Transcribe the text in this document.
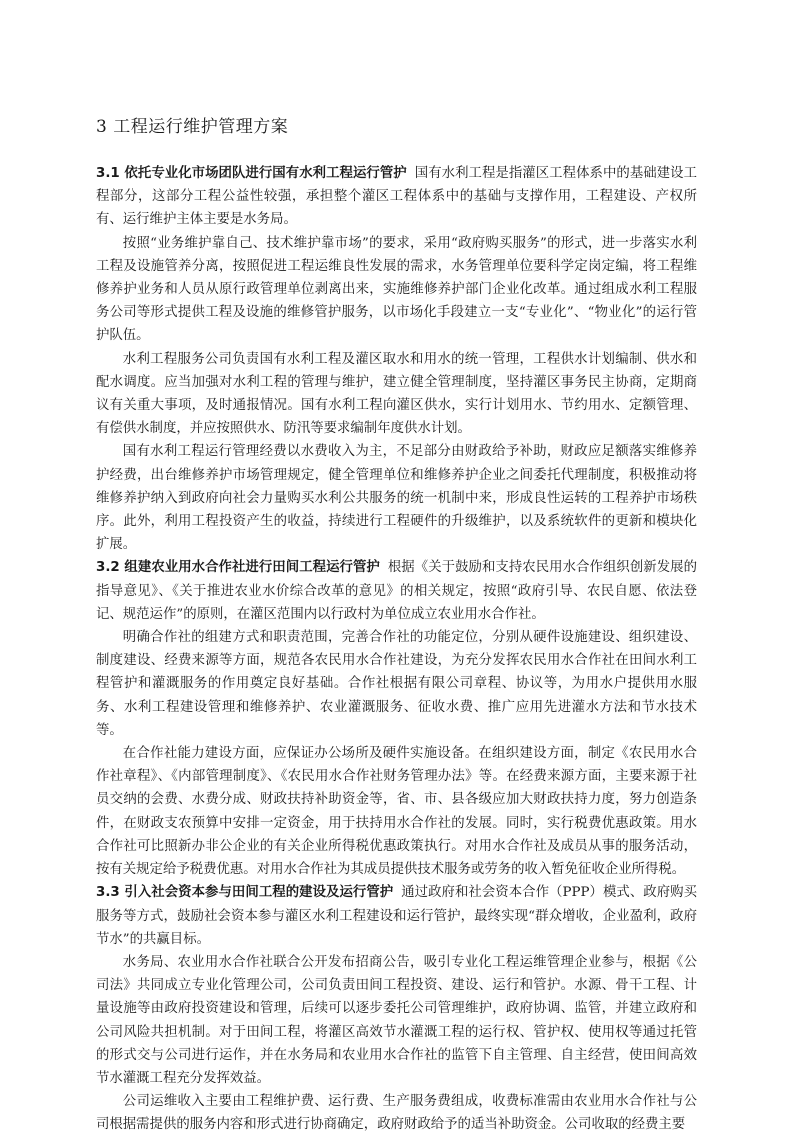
3 工程运行维护管理方案

3.1 依托专业化市场团队进行国有水利工程运行管护 国有水利工程是指灌区工程体系中的基础建设工程部分，这部分工程公益性较强，承担整个灌区工程体系中的基础与支撑作用，工程建设、产权所有、运行维护主体主要是水务局。

按照“业务维护靠自己、技术维护靠市场”的要求，采用“政府购买服务”的形式，进一步落实水利工程及设施管养分离，按照促进工程运维良性发展的需求，水务管理单位要科学定岗定编，将工程维修养护业务和人员从原行政管理单位剥离出来，实施维修养护部门企业化改革。通过组成水利工程服务公司等形式提供工程及设施的维修管护服务，以市场化手段建立一支“专业化”、“物业化”的运行管护队伍。

水利工程服务公司负责国有水利工程及灌区取水和用水的统一管理，工程供水计划编制、供水和配水调度。应当加强对水利工程的管理与维护，建立健全管理制度，坚持灌区事务民主协商，定期商议有关重大事项，及时通报情况。国有水利工程向灌区供水，实行计划用水、节约用水、定额管理、有偿供水制度，并应按照供水、防汛等要求编制年度供水计划。

国有水利工程运行管理经费以水费收入为主，不足部分由财政给予补助，财政应足额落实维修养护经费，出台维修养护市场管理规定，健全管理单位和维修养护企业之间委托代理制度，积极推动将维修养护纳入到政府向社会力量购买水利公共服务的统一机制中来，形成良性运转的工程养护市场秩序。此外，利用工程投资产生的收益，持续进行工程硬件的升级维护，以及系统软件的更新和模块化扩展。

3.2 组建农业用水合作社进行田间工程运行管护 根据《关于鼓励和支持农民用水合作组织创新发展的指导意见》、《关于推进农业水价综合改革的意见》的相关规定，按照“政府引导、农民自愿、依法登记、规范运作”的原则，在灌区范围内以行政村为单位成立农业用水合作社。

明确合作社的组建方式和职责范围，完善合作社的功能定位，分别从硬件设施建设、组织建设、制度建设、经费来源等方面，规范各农民用水合作社建设，为充分发挥农民用水合作社在田间水利工程管护和灌溉服务的作用奠定良好基础。合作社根据有限公司章程、协议等，为用水户提供用水服务、水利工程建设管理和维修养护、农业灌溉服务、征收水费、推广应用先进灌水方法和节水技术等。

在合作社能力建设方面，应保证办公场所及硬件实施设备。在组织建设方面，制定《农民用水合作社章程》、《内部管理制度》、《农民用水合作社财务管理办法》等。在经费来源方面，主要来源于社员交纳的会费、水费分成、财政扶持补助资金等，省、市、县各级应加大财政扶持力度，努力创造条件，在财政支农预算中安排一定资金，用于扶持用水合作社的发展。同时，实行税费优惠政策。用水合作社可比照新办非公企业的有关企业所得税优惠政策执行。对用水合作社及成员从事的服务活动，按有关规定给予税费优惠。对用水合作社为其成员提供技术服务或劳务的收入暂免征收企业所得税。

3.3 引入社会资本参与田间工程的建设及运行管护 通过政府和社会资本合作（PPP）模式、政府购买服务等方式，鼓励社会资本参与灌区水利工程建设和运行管护，最终实现“群众增收，企业盈利，政府节水”的共赢目标。

水务局、农业用水合作社联合公开发布招商公告，吸引专业化工程运维管理企业参与，根据《公司法》共同成立专业化管理公司，公司负责田间工程投资、建设、运行和管护。水源、骨干工程、计量设施等由政府投资建设和管理，后续可以逐步委托公司管理维护，政府协调、监管，并建立政府和公司风险共担机制。对于田间工程，将灌区高效节水灌溉工程的运行权、管护权、使用权等通过托管的形式交与公司进行运作，并在水务局和农业用水合作社的监管下自主管理、自主经营，使田间高效节水灌溉工程充分发挥效益。

公司运维收入主要由工程维护费、运行费、生产服务费组成，收费标准需由农业用水合作社与公司根据需提供的服务内容和形式进行协商确定，政府财政给予的适当补助资金。公司收取的经费主要
